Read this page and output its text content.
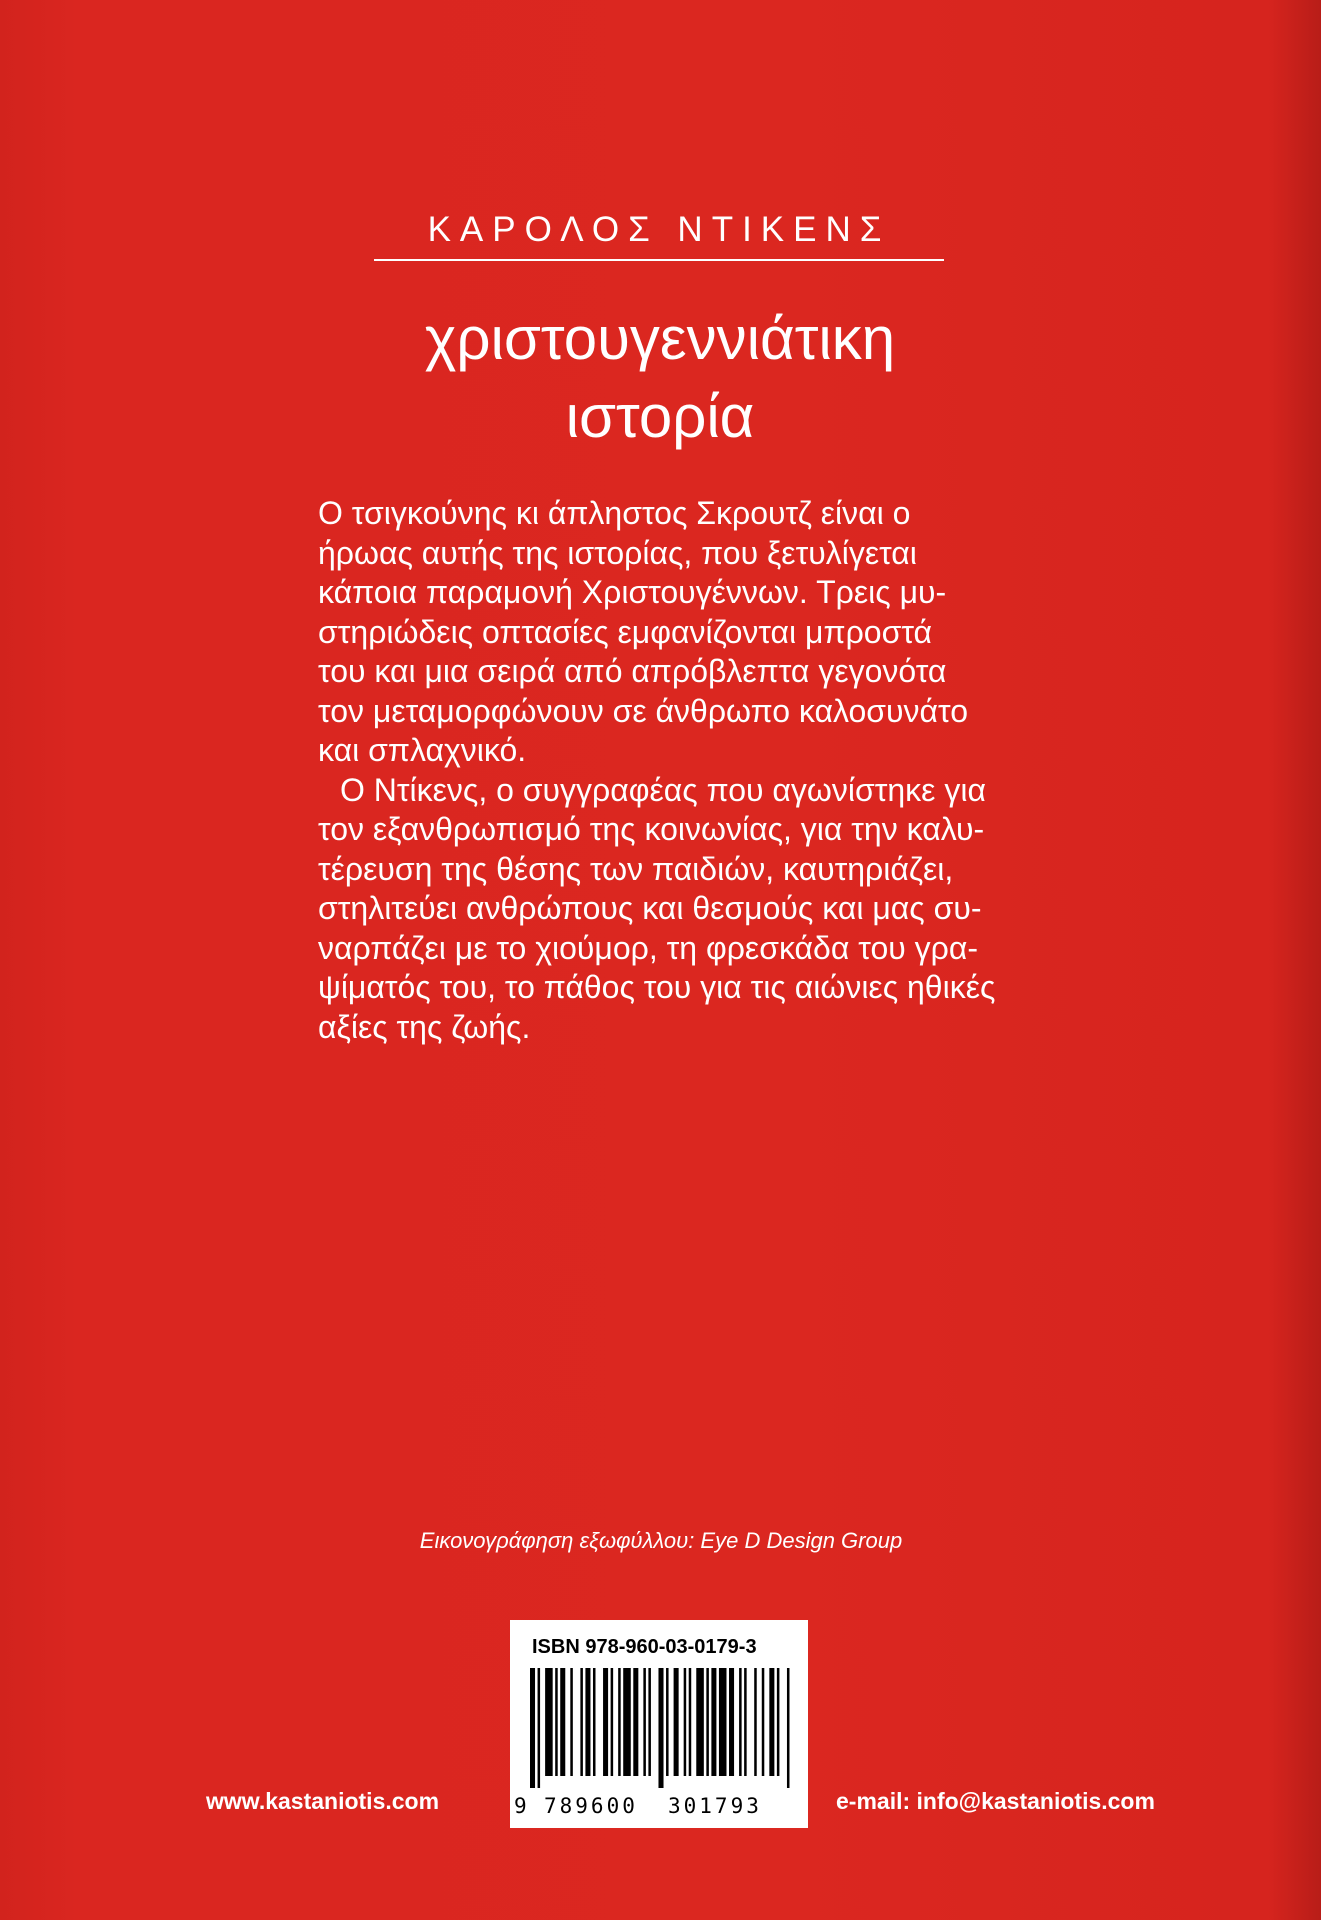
ΚΑΡΟΛΟΣ ΝΤΙΚΕΝΣ
χριστουγεννιάτικη
ιστορία

Ο τσιγκούνης κι άπληστος Σκρουτζ είναι ο
ήρωας αυτής της ιστορίας, που ξετυλίγεται
κάποια παραμονή Χριστουγέννων. Τρεις μυ-
στηριώδεις οπτασίες εμφανίζονται μπροστά
του και μια σειρά από απρόβλεπτα γεγονότα
τον μεταμορφώνουν σε άνθρωπο καλοσυνάτο
και σπλαχνικό.

Ο Ντίκενς, ο συγγραφέας που αγωνίστηκε για
τον εξανθρωπισμό της κοινωνίας, για την καλυ-
τέρευση της θέσης των παιδιών, καυτηριάζει,
στηλιτεύει ανθρώπους και θεσμούς και μας συ-
ναρπάζει με το χιούμορ, τη φρεσκάδα του γρα-
ψίματός του, το πάθος του για τις αιώνιες ηθικές
αξίες της ζωής.

Εικονογράφηση εξωφύλλου: Eye D Design Group
ISBN 978-960-03-0179-3
9 789600 301793
www.kastaniotis.com	e-mail: info@kastaniotis.com
